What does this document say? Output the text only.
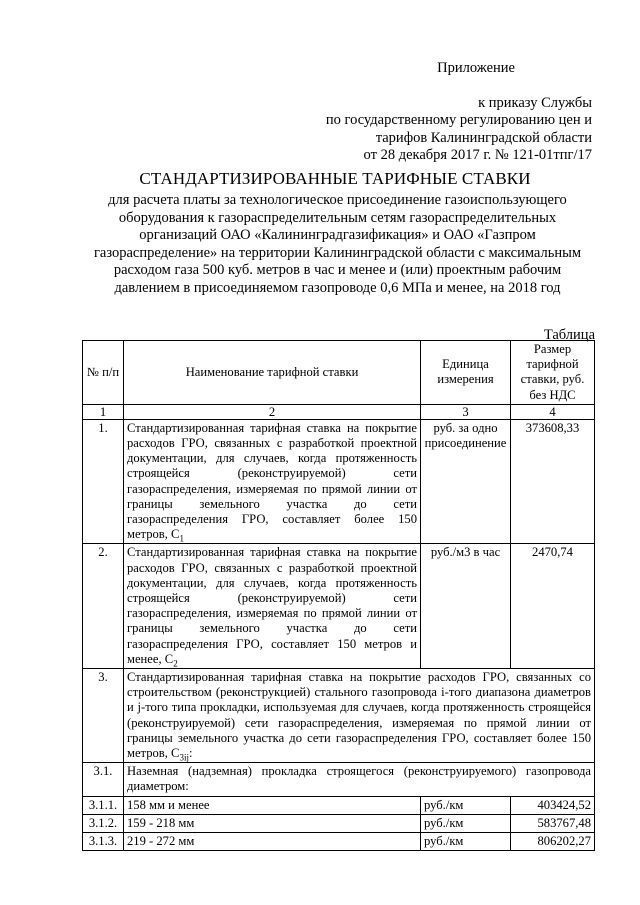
Приложение
к приказу Службы
по государственному регулированию цен и
тарифов Калининградской области
от 28 декабря 2017 г. № 121-01тпг/17
СТАНДАРТИЗИРОВАННЫЕ ТАРИФНЫЕ СТАВКИ
для расчета платы за технологическое присоединение газоиспользующего оборудования к газораспределительным сетям газораспределительных организаций ОАО «Калининградгазификация» и ОАО «Газпром газораспределение» на территории Калининградской области с максимальным расходом газа 500 куб. метров в час и менее и (или) проектным рабочим давлением в присоединяемом газопроводе 0,6 МПа и менее, на 2018 год
Таблица
№ п/п	Наименование тарифной ставки	Единица измерения	Размер тарифной ставки, руб. без НДС
1	2	3	4
1.	Стандартизированная тарифная ставка на покрытие расходов ГРО, связанных с разработкой проектной документации, для случаев, когда протяженность строящейся (реконструируемой) сети газораспределения, измеряемая по прямой линии от границы земельного участка до сети газораспределения ГРО, составляет более 150 метров, $С_1$	руб. за одно присоединение	373608,33
2.	Стандартизированная тарифная ставка на покрытие расходов ГРО, связанных с разработкой проектной документации, для случаев, когда протяженность строящейся (реконструируемой) сети газораспределения, измеряемая по прямой линии от границы земельного участка до сети газораспределения ГРО, составляет 150 метров и менее, $С_2$	руб./м3 в час	2470,74
3.	Стандартизированная тарифная ставка на покрытие расходов ГРО, связанных со строительством (реконструкцией) стального газопровода i-того диапазона диаметров и j-того типа прокладки, используемая для случаев, когда протяженность строящейся (реконструируемой) сети газораспределения, измеряемая по прямой линии от границы земельного участка до сети газораспределения ГРО, составляет более 150 метров, $С_{3ij}$:		
3.1.	Наземная (надземная) прокладка строящегося (реконструируемого) газопровода диаметром:		
3.1.1.	158 мм и менее	руб./км	403424,52
3.1.2.	159 - 218 мм	руб./км	583767,48
3.1.3.	219 - 272 мм	руб./км	806202,27
